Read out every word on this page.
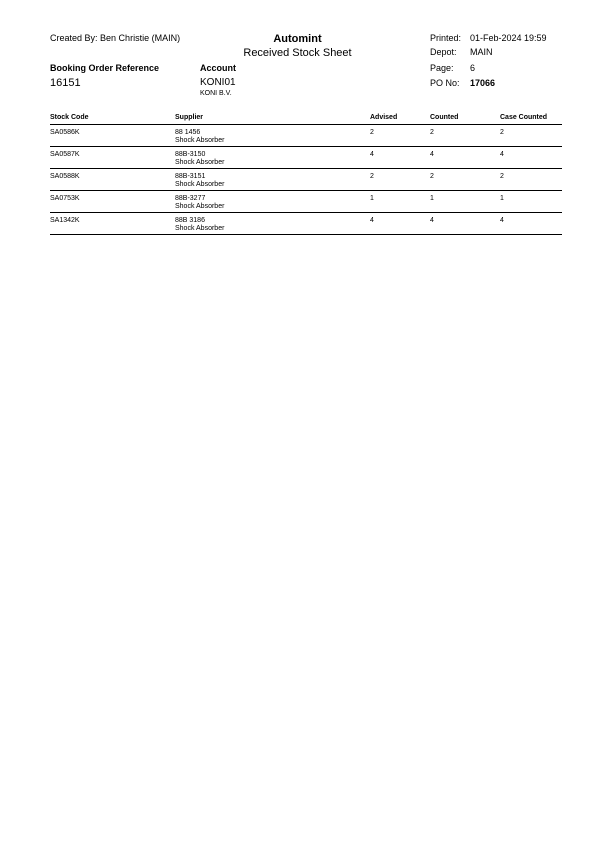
Created By: Ben Christie (MAIN)	Automint
Received Stock Sheet
Printed: 01-Feb-2024 19:59
Depot: MAIN
Page: 6
PO No: 17066
Booking Order Reference
16151
Account
KONI01
KONI B.V.
Stock Code	Supplier	Advised	Counted	Case Counted
SA0586K	88 1456
Shock Absorber
2	2	2
SA0587K	88B-3150
Shock Absorber
4	4	4
SA0588K	88B-3151
Shock Absorber
2	2	2
SA0753K	88B-3277
Shock Absorber
1	1	1
SA1342K	88B 3186
Shock Absorber
4	4	4
